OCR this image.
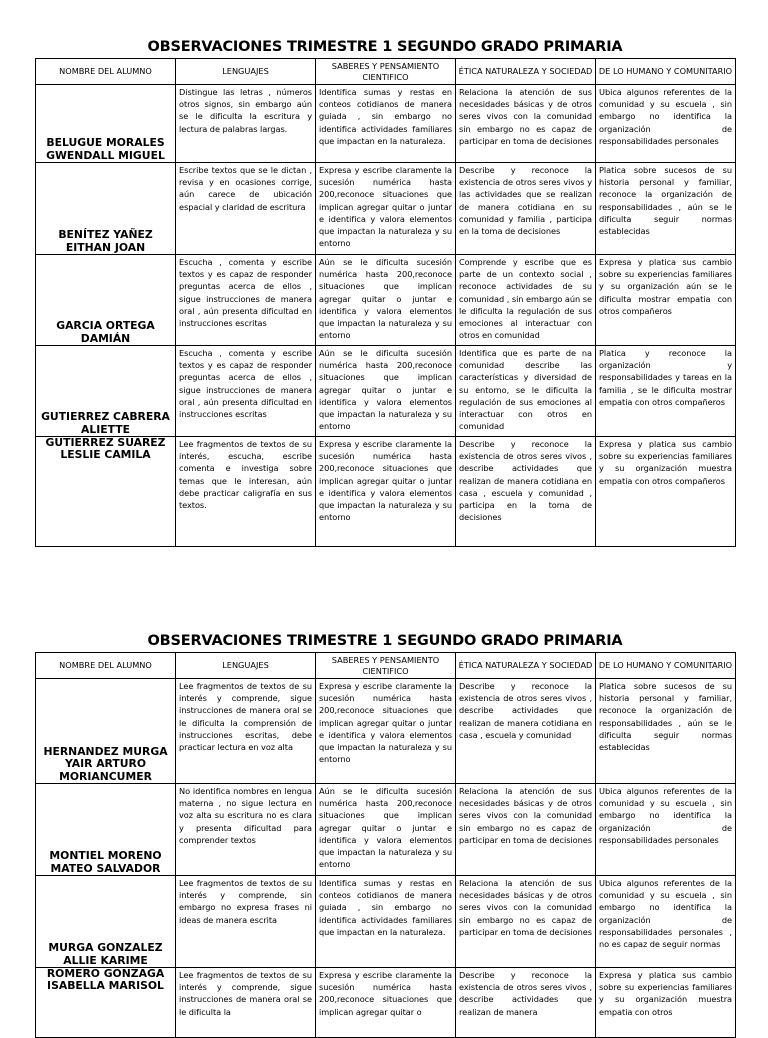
OBSERVACIONES TRIMESTRE 1 SEGUNDO GRADO PRIMARIA
NOMBRE DEL ALUMNO	LENGUAJES	SABERES Y PENSAMIENTO CIENTIFICO	ÉTICA NATURALEZA Y SOCIEDAD	DE LO HUMANO Y COMUNITARIO
BELUGUE MORALES GWENDALL MIGUEL	Distingue las letras , números otros signos, sin embargo aún se le dificulta la escritura y lectura de palabras largas.	Identifica sumas y restas en conteos cotidianos de manera guiada , sin embargo no identifica actividades familiares que impactan en la naturaleza.	Relaciona la atención de sus necesidades básicas y de otros seres vivos con la comunidad sin embargo no es capaz de participar en toma de decisiones	Ubica algunos referentes de la comunidad y su escuela , sin embargo no identifica la organización de responsabilidades personales
BENÍTEZ YAÑEZ EITHAN JOAN	Escribe textos que se le dictan , revisa y en ocasiones corrige, aún carece de ubicación espacial y claridad de escritura	Expresa y escribe claramente la sucesión numérica hasta 200,reconoce situaciones que implican agregar quitar o juntar e identifica y valora elementos que impactan la naturaleza y su entorno	Describe y reconoce la existencia de otros seres vivos y las actividades que se realizan de manera cotidiana en su comunidad y familia , participa en la toma de decisiones	Platica sobre sucesos de su historia personal y familiar, reconoce la organización de responsabilidades , aún se le dificulta seguir normas establecidas
GARCIA ORTEGA DAMIÁN	Escucha , comenta y escribe textos y es capaz de responder preguntas acerca de ellos , sigue instrucciones de manera oral , aún presenta dificultad en instrucciones escritas	Aún se le dificulta sucesión numérica hasta 200,reconoce situaciones que implican agregar quitar o juntar e identifica y valora elementos que impactan la naturaleza y su entorno	Comprende y escribe que es parte de un contexto social , reconoce actividades de su comunidad , sin embargo aún se le dificulta la regulación de sus emociones al interactuar con otros en comunidad	Expresa y platica sus cambio sobre su experiencias familiares y su organización aún se le dificulta mostrar empatia con otros compañeros
GUTIERREZ CABRERA ALIETTE	Escucha , comenta y escribe textos y es capaz de responder preguntas acerca de ellos , sigue instrucciones de manera oral , aún presenta dificultad en instrucciones escritas	Aún se le dificulta sucesión numérica hasta 200,reconoce situaciones que implican agregar quitar o juntar e identifica y valora elementos que impactan la naturaleza y su entorno	Identifica que es parte de na comunidad describe las características y diversidad de su entorno, se le dificulta la regulación de sus emociones al interactuar con otros en comunidad	Platica y reconoce la organización y responsabilidades y tareas en la familia , se le dificulta mostrar empatia con otros compañeros
GUTIERREZ SUAREZ LESLIE CAMILA	Lee fragmentos de textos de su interés, escucha, escribe comenta e investiga sobre temas que le interesan, aún debe practicar caligrafía en sus textos.	Expresa y escribe claramente la sucesión numérica hasta 200,reconoce situaciones que implican agregar quitar o juntar e identifica y valora elementos que impactan la naturaleza y su entorno	Describe y reconoce la existencia de otros seres vivos , describe actividades que realizan de manera cotidiana en casa , escuela y comunidad , participa en la toma de decisiones	Expresa y platica sus cambio sobre su experiencias familiares y su organización muestra empatia con otros compañeros
OBSERVACIONES TRIMESTRE 1 SEGUNDO GRADO PRIMARIA
NOMBRE DEL ALUMNO	LENGUAJES	SABERES Y PENSAMIENTO CIENTIFICO	ÉTICA NATURALEZA Y SOCIEDAD	DE LO HUMANO Y COMUNITARIO
HERNANDEZ MURGA YAIR ARTURO MORIANCUMER	Lee fragmentos de textos de su interés y comprende, sigue instrucciones de manera oral se le dificulta la comprensión de instrucciones escritas, debe practicar lectura en voz alta	Expresa y escribe claramente la sucesión numérica hasta 200,reconoce situaciones que implican agregar quitar o juntar e identifica y valora elementos que impactan la naturaleza y su entorno	Describe y reconoce la existencia de otros seres vivos , describe actividades que realizan de manera cotidiana en casa , escuela y comunidad	Platica sobre sucesos de su historia personal y familiar, reconoce la organización de responsabilidades , aún se le dificulta seguir normas establecidas
MONTIEL MORENO MATEO SALVADOR	No identifica nombres en lengua materna , no sigue lectura en voz alta su escritura no es clara y presenta dificultad para comprender textos	Aún se le dificulta sucesión numérica hasta 200,reconoce situaciones que implican agregar quitar o juntar e identifica y valora elementos que impactan la naturaleza y su entorno	Relaciona la atención de sus necesidades básicas y de otros seres vivos con la comunidad sin embargo no es capaz de participar en toma de decisiones	Ubica algunos referentes de la comunidad y su escuela , sin embargo no identifica la organización de responsabilidades personales
MURGA GONZALEZ ALLIE KARIME	Lee fragmentos de textos de su interés y comprende, sin embargo no expresa frases ni ideas de manera escrita	Identifica sumas y restas en conteos cotidianos de manera guiada , sin embargo no identifica actividades familiares que impactan en la naturaleza.	Relaciona la atención de sus necesidades básicas y de otros seres vivos con la comunidad sin embargo no es capaz de participar en toma de decisiones	Ubica algunos referentes de la comunidad y su escuela , sin embargo no identifica la organización de responsabilidades personales , no es capaz de seguir normas
ROMERO GONZAGA ISABELLA MARISOL	Lee fragmentos de textos de su interés y comprende, sigue instrucciones de manera oral se le dificulta la	Expresa y escribe claramente la sucesión numérica hasta 200,reconoce situaciones que implican agregar quitar o	Describe y reconoce la existencia de otros seres vivos , describe actividades que realizan de manera	Expresa y platica sus cambio sobre su experiencias familiares y su organización muestra empatia con otros
